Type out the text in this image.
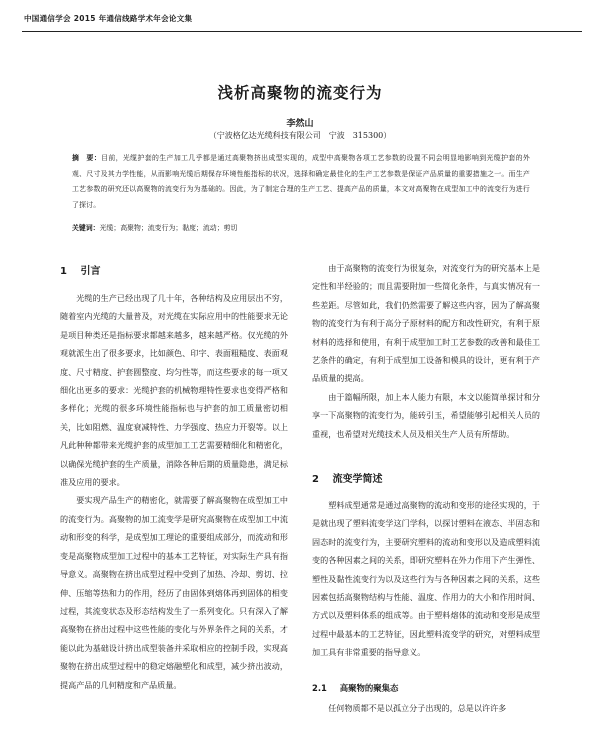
中国通信学会 2015 年通信线路学术年会论文集
浅析高聚物的流变行为
李然山
（宁波格亿达光缆科技有限公司　宁波　315300）
摘　要：目前，光缆护套的生产加工几乎都是通过高聚物挤出成型实现的，成型中高聚物各项工艺参数的设置不同会明显地影响到光缆护套的外观、尺寸及其力学性能，从而影响光缆后期保存环境性能指标的状况，选择和确定最佳化的生产工艺参数是保证产品质量的重要措施之一。而生产工艺参数的研究还以高聚物的流变行为为基础的。因此，为了制定合理的生产工艺、提高产品的质量，本文对高聚物在成型加工中的流变行为进行了探讨。
关键词：光缆；高聚物；流变行为；黏度；流动；剪切
1 引言

光缆的生产已经出现了几十年，各种结构及应用层出不穷，随着室内光缆的大量普及，对光缆在实际应用中的性能要求无论是项目种类还是指标要求都越来越多，越来越严格。仅光缆的外观就派生出了很多要求，比如颜色、印字、表面粗糙度、表面观度、尺寸精度、护套圆整度、均匀性等，而这些要求的每一项又细化出更多的要求：光缆护套的机械物理特性要求也变得严格和多样化；光缆的很多环境性能指标也与护套的加工质量密切相关，比如阻燃、温度衰减特性、力学强度、热应力开裂等。以上凡此种种都带来光缆护套的成型加工工艺需要精细化和精密化，以确保光缆护套的生产质量，消除各种后期的质量隐患，满足标准及应用的要求。

要实现产品生产的精密化，就需要了解高聚物在成型加工中的流变行为。高聚物的加工流变学是研究高聚物在成型加工中流动和形变的科学，是成型加工理论的重要组成部分，而流动和形变是高聚物成型加工过程中的基本工艺特征，对实际生产具有指导意义。高聚物在挤出成型过程中受到了加热、冷却、剪切、拉伸、压缩等热和力的作用，经历了由固体到熔体再到固体的相变过程，其流变状态及形态结构发生了一系列变化。只有深入了解高聚物在挤出过程中这些性能的变化与外界条件之间的关系，才能以此为基础设计挤出成型装备并采取相应的控制手段，实现高聚物在挤出成型过程中的稳定熔融塑化和成型，减少挤出波动，提高产品的几何精度和产品质量。

由于高聚物的流变行为很复杂，对流变行为的研究基本上是定性和半经验的；而且需要附加一些简化条件，与真实情况有一些差距。尽管如此，我们仍然需要了解这些内容，因为了解高聚物的流变行为有利于高分子原材料的配方和改性研究，有利于原材料的选择和使用，有利于成型加工时工艺参数的改善和最佳工艺条件的确定，有利于成型加工设备和模具的设计，更有利于产品质量的提高。

由于篇幅所限，加上本人能力有限，本文以能简单探讨和分享一下高聚物的流变行为，能砖引玉，希望能够引起相关人员的重视，也希望对光缆技术人员及相关生产人员有所帮助。

2 流变学简述

塑料成型通常是通过高聚物的流动和变形的途径实现的，于是就出现了塑料流变学这门学科，以探讨塑料在液态、半固态和固态时的流变行为，主要研究塑料的流动和变形以及造成塑料流变的各种因素之间的关系，即研究塑料在外力作用下产生弹性、塑性及黏性流变行为以及这些行为与各种因素之间的关系，这些因素包括高聚物结构与性能、温度、作用力的大小和作用时间、方式以及塑料体系的组成等。由于塑料熔体的流动和变形是成型过程中最基本的工艺特征，因此塑料流变学的研究，对塑料成型加工具有非常重要的指导意义。

2.1 高聚物的聚集态

任何物质都不是以孤立分子出现的，总是以许许多
